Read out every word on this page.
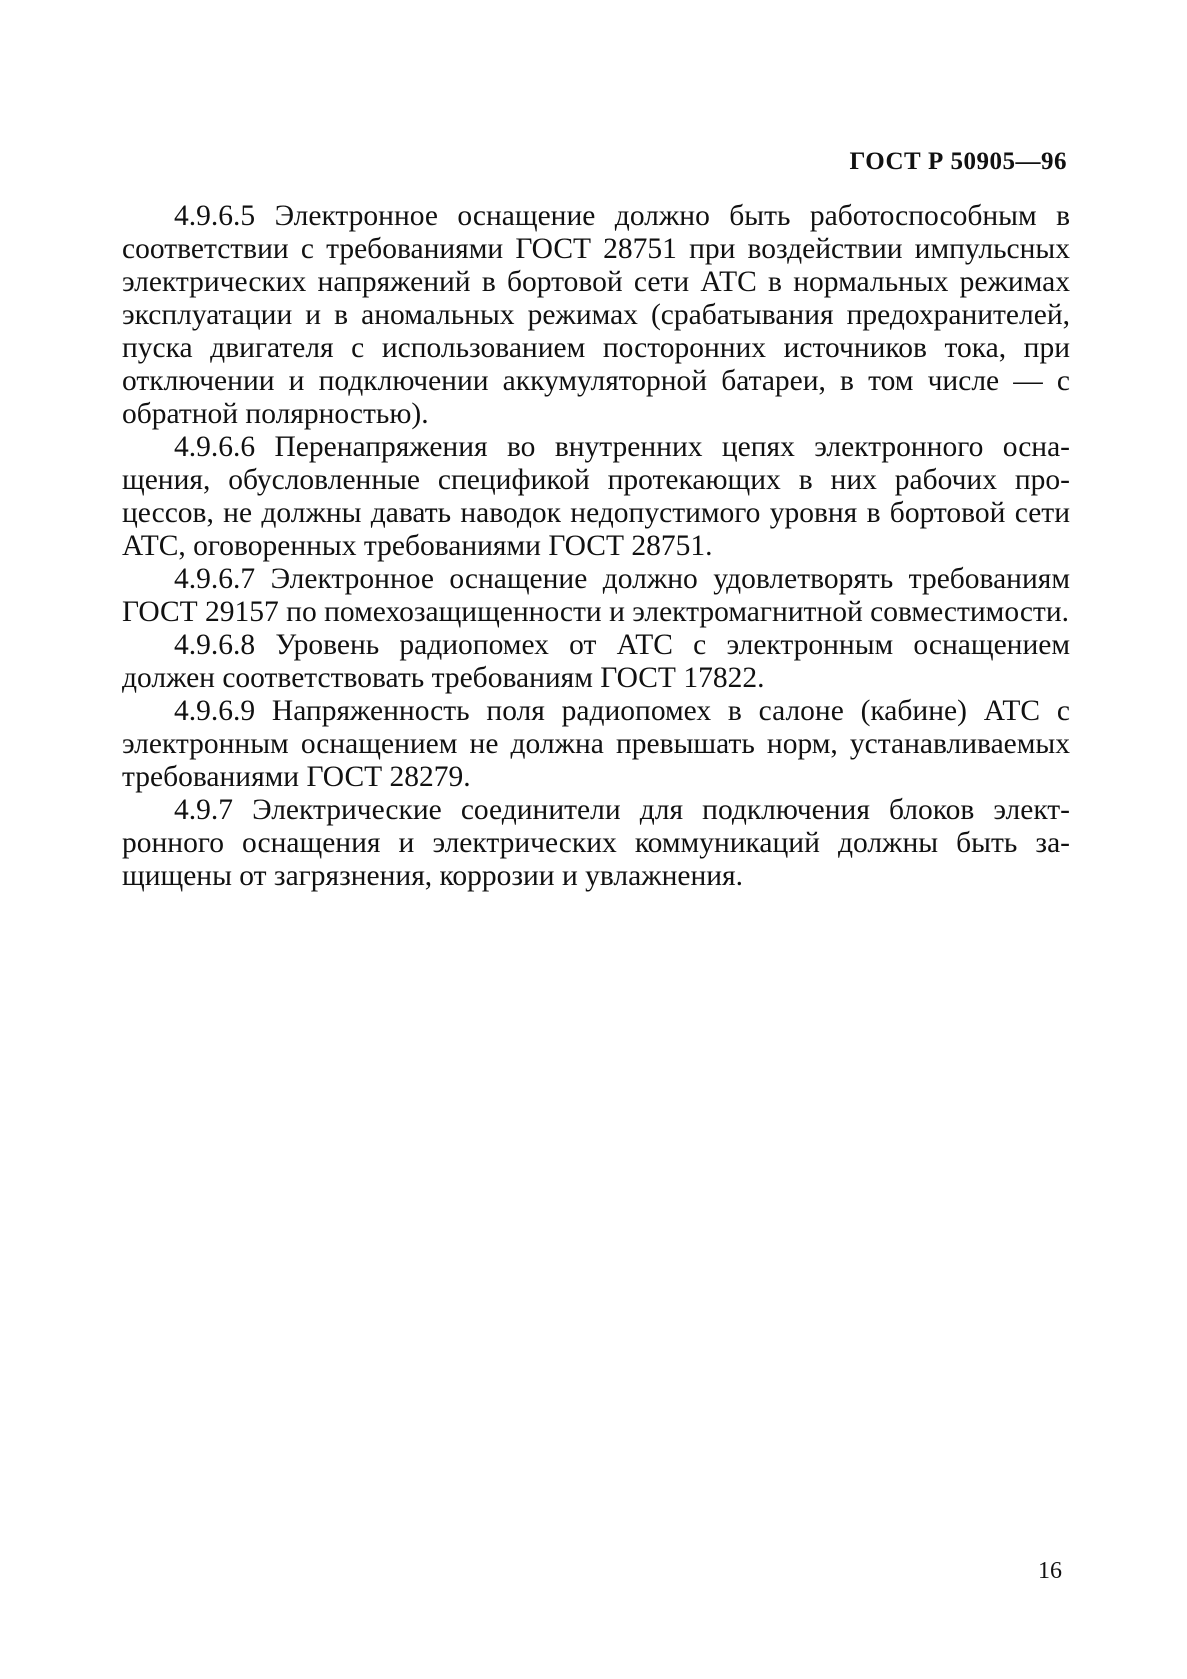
ГОСТ Р 50905—96

4.9.6.5 Электронное оснащение должно быть работоспособным в соответствии с требованиями ГОСТ 28751 при воздействии импульсных электрических напряжений в бортовой сети АТС в нормальных режимах эксплуатации и в аномальных режимах (срабатывания предохранителей, пуска двигателя с использованием посторонних источников тока, при отключении и подключении аккумуляторной батареи, в том числе — с обратной полярностью).

4.9.6.6 Перенапряжения во внутренних цепях электронного оснащения, обусловленные спецификой протекающих в них рабочих процессов, не должны давать наводок недопустимого уровня в бортовой сети АТС, оговоренных требованиями ГОСТ 28751.

4.9.6.7 Электронное оснащение должно удовлетворять требованиям ГОСТ 29157 по помехозащищенности и электромагнитной совместимости.

4.9.6.8 Уровень радиопомех от АТС с электронным оснащением должен соответствовать требованиям ГОСТ 17822.

4.9.6.9 Напряженность поля радиопомех в салоне (кабине) АТС с электронным оснащением не должна превышать норм, устанавливаемых требованиями ГОСТ 28279.

4.9.7 Электрические соединители для подключения блоков электронного оснащения и электрических коммуникаций должны быть защищены от загрязнения, коррозии и увлажнения.

16
